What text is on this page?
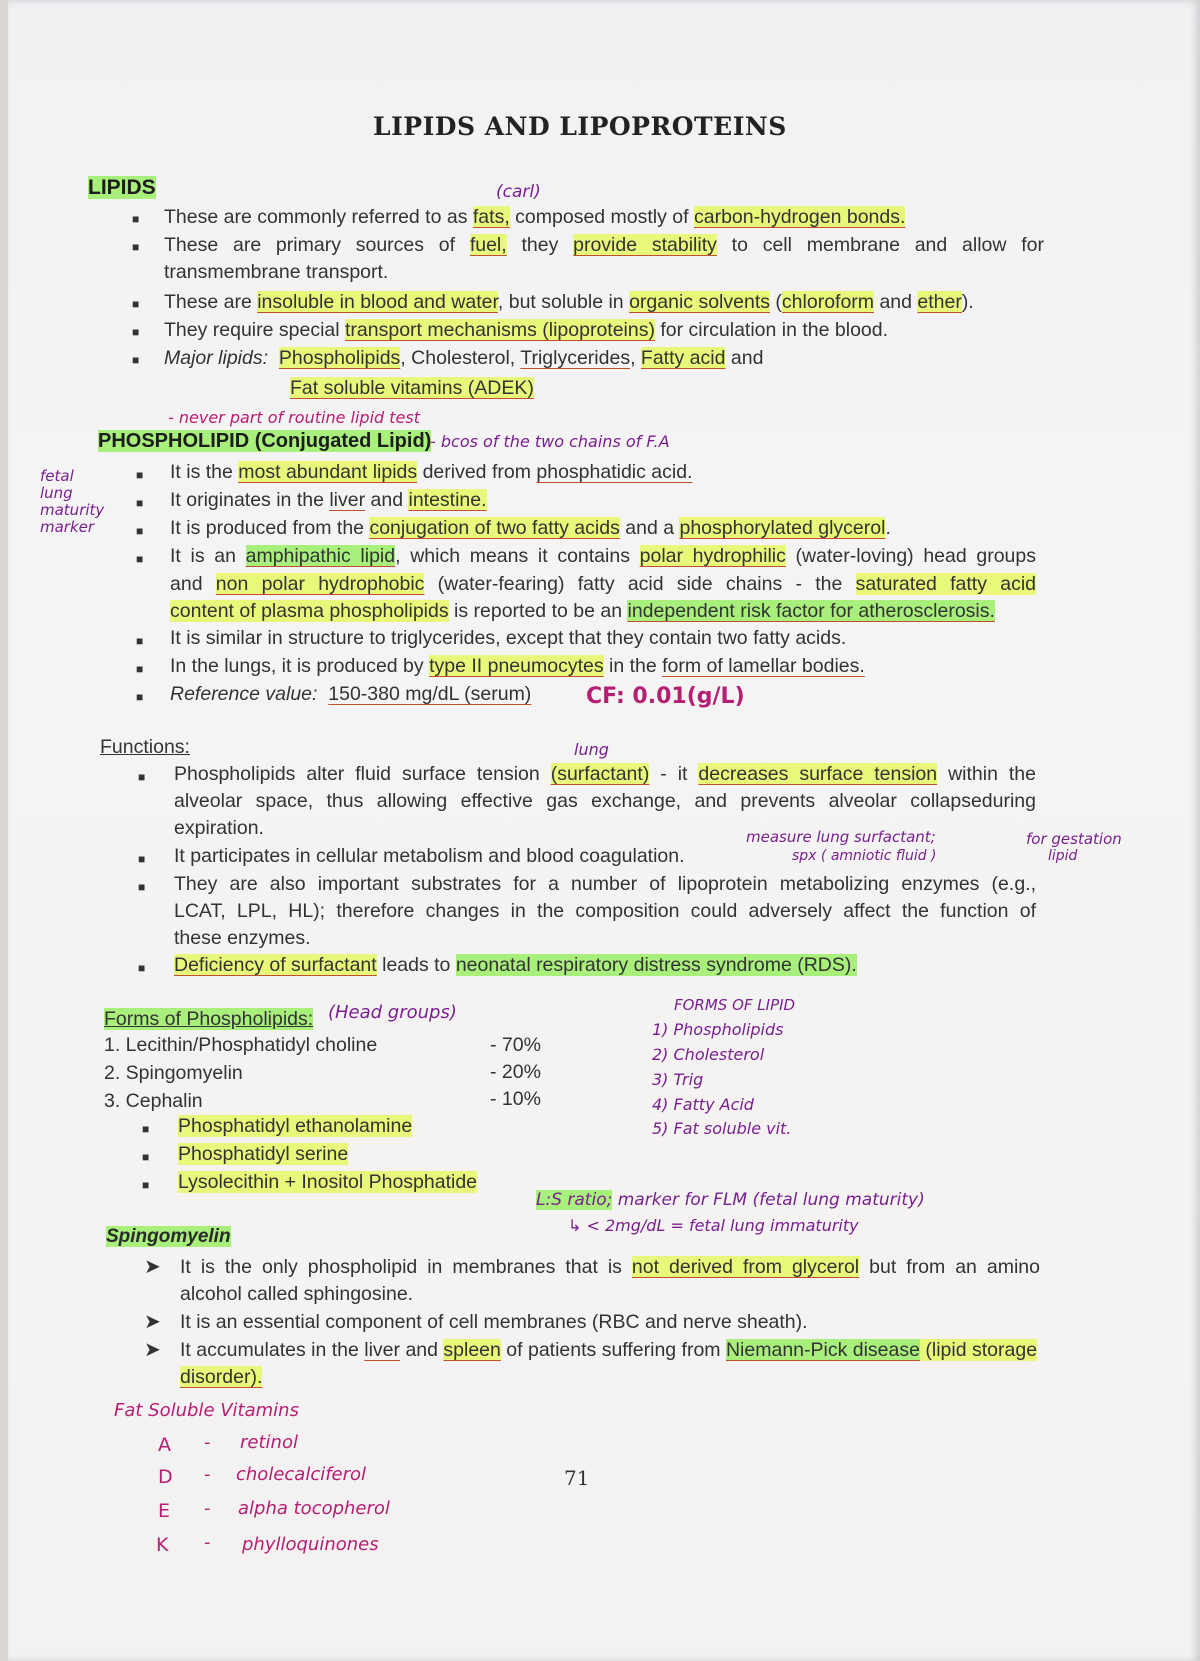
LIPIDS AND LIPOPROTEINS
LIPIDS	(carl)
■ These are commonly referred to as fats, composed mostly of carbon-hydrogen bonds.
■ These are primary sources of fuel, they provide stability to cell membrane and allow for
transmembrane transport.
■ These are insoluble in blood and water, but soluble in organic solvents (chloroform and ether).
■ They require special transport mechanisms (lipoproteins) for circulation in the blood.
■ Major lipids: Phospholipids, Cholesterol, Triglycerides, Fatty acid and
Fat soluble vitamins (ADEK)
- never part of routine lipid test
PHOSPHOLIPID (Conjugated Lipid)
- bcos of the two chains of F.A
fetal
lung
maturity
marker
■ It is the most abundant lipids derived from phosphatidic acid.
■ It originates in the liver and intestine.
■ It is produced from the conjugation of two fatty acids and a phosphorylated glycerol.
■ It is an amphipathic lipid, which means it contains polar hydrophilic (water-loving) head groups
and non polar hydrophobic (water-fearing) fatty acid side chains - the saturated fatty acid
content of plasma phospholipids is reported to be an independent risk factor for atherosclerosis.
■ It is similar in structure to triglycerides, except that they contain two fatty acids.
■ In the lungs, it is produced by type II pneumocytes in the form of lamellar bodies.
■ Reference value: 150-380 mg/dL (serum) CF: 0.01(g/L)
Functions:	lung
■ Phospholipids alter fluid surface tension (surfactant) - it decreases surface tension within the
alveolar space, thus allowing effective gas exchange, and prevents alveolar collapseduring
expiration.	measure lung surfactant;
spx ( amniotic fluid )
for gestation
lipid
■ It participates in cellular metabolism and blood coagulation.
■ They are also important substrates for a number of lipoprotein metabolizing enzymes (e.g.,
LCAT, LPL, HL); therefore changes in the composition could adversely affect the function of
these enzymes.
■ Deficiency of surfactant leads to neonatal respiratory distress syndrome (RDS).
Forms of Phospholipids: (Head groups)
1. Lecithin/Phosphatidyl choline	- 70%
2. Spingomyelin	- 20%
3. Cephalin	- 10%
■ Phosphatidyl ethanolamine
■ Phosphatidyl serine
■ Lysolecithin + Inositol Phosphatide
FORMS OF LIPID
1) Phospholipids
2) Cholesterol
3) Trig
4) Fatty Acid
5) Fat soluble vit.
L:S ratio; marker for FLM (fetal lung maturity)
↳ < 2mg/dL = fetal lung immaturity
Spingomyelin
➤ It is the only phospholipid in membranes that is not derived from glycerol but from an amino
alcohol called sphingosine.
➤ It is an essential component of cell membranes (RBC and nerve sheath).
➤ It accumulates in the liver and spleen of patients suffering from Niemann-Pick disease (lipid storage
disorder).
Fat Soluble Vitamins
A - retinol
D - cholecalciferol
E - alpha tocopherol
K - phylloquinones
71
